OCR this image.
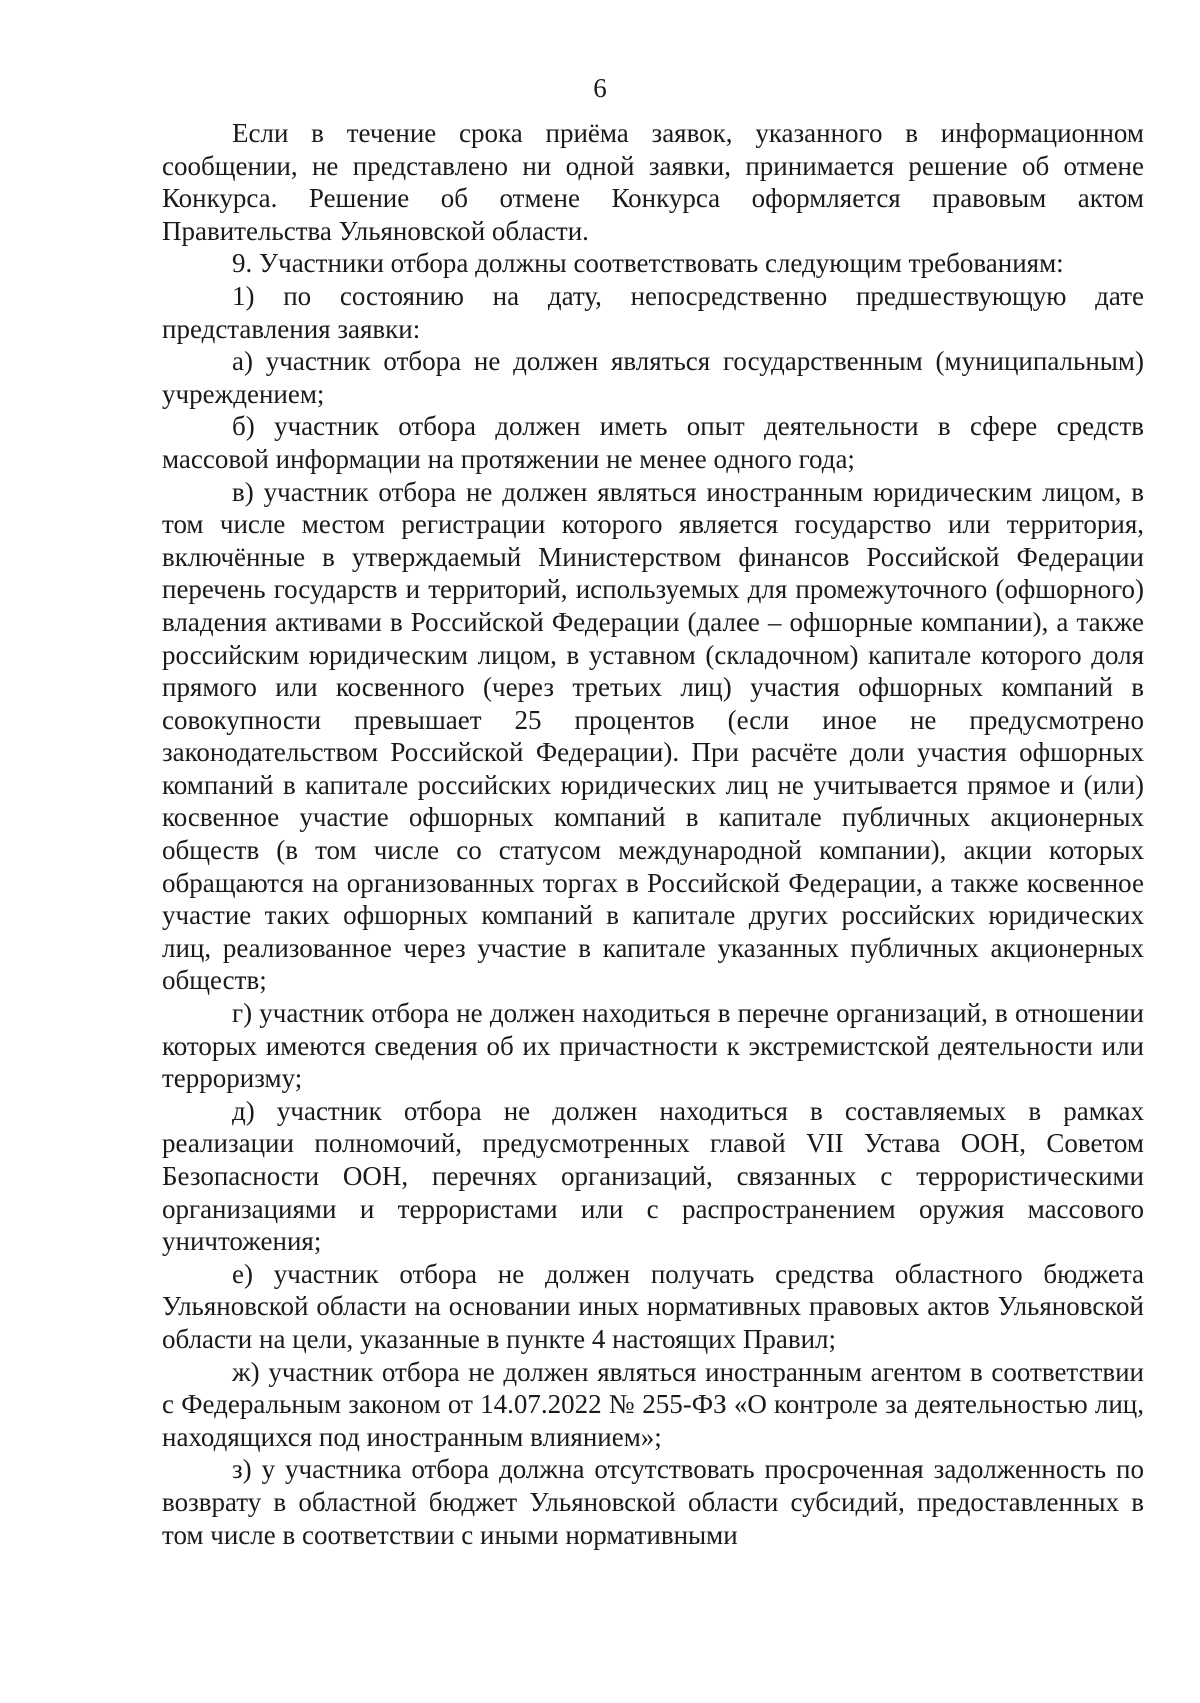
6

Если в течение срока приёма заявок, указанного в информационном сообщении, не представлено ни одной заявки, принимается решение об отмене Конкурса. Решение об отмене Конкурса оформляется правовым актом Правительства Ульяновской области.

9. Участники отбора должны соответствовать следующим требованиям:

1) по состоянию на дату, непосредственно предшествующую дате представления заявки:

а) участник отбора не должен являться государственным (муниципальным) учреждением;

б) участник отбора должен иметь опыт деятельности в сфере средств массовой информации на протяжении не менее одного года;

в) участник отбора не должен являться иностранным юридическим лицом, в том числе местом регистрации которого является государство или территория, включённые в утверждаемый Министерством финансов Российской Федерации перечень государств и территорий, используемых для промежуточного (офшорного) владения активами в Российской Федерации (далее – офшорные компании), а также российским юридическим лицом, в уставном (складочном) капитале которого доля прямого или косвенного (через третьих лиц) участия офшорных компаний в совокупности превышает 25 процентов (если иное не предусмотрено законодательством Российской Федерации). При расчёте доли участия офшорных компаний в капитале российских юридических лиц не учитывается прямое и (или) косвенное участие офшорных компаний в капитале публичных акционерных обществ (в том числе со статусом международной компании), акции которых обращаются на организованных торгах в Российской Федерации, а также косвенное участие таких офшорных компаний в капитале других российских юридических лиц, реализованное через участие в капитале указанных публичных акционерных обществ;

г) участник отбора не должен находиться в перечне организаций, в отношении которых имеются сведения об их причастности к экстремистской деятельности или терроризму;

д) участник отбора не должен находиться в составляемых в рамках реализации полномочий, предусмотренных главой VII Устава ООН, Советом Безопасности ООН, перечнях организаций, связанных с террористическими организациями и террористами или с распространением оружия массового уничтожения;

е) участник отбора не должен получать средства областного бюджета Ульяновской области на основании иных нормативных правовых актов Ульяновской области на цели, указанные в пункте 4 настоящих Правил;

ж) участник отбора не должен являться иностранным агентом в соответствии с Федеральным законом от 14.07.2022 № 255-ФЗ «О контроле за деятельностью лиц, находящихся под иностранным влиянием»;

з) у участника отбора должна отсутствовать просроченная задолженность по возврату в областной бюджет Ульяновской области субсидий, предоставленных в том числе в соответствии с иными нормативными
